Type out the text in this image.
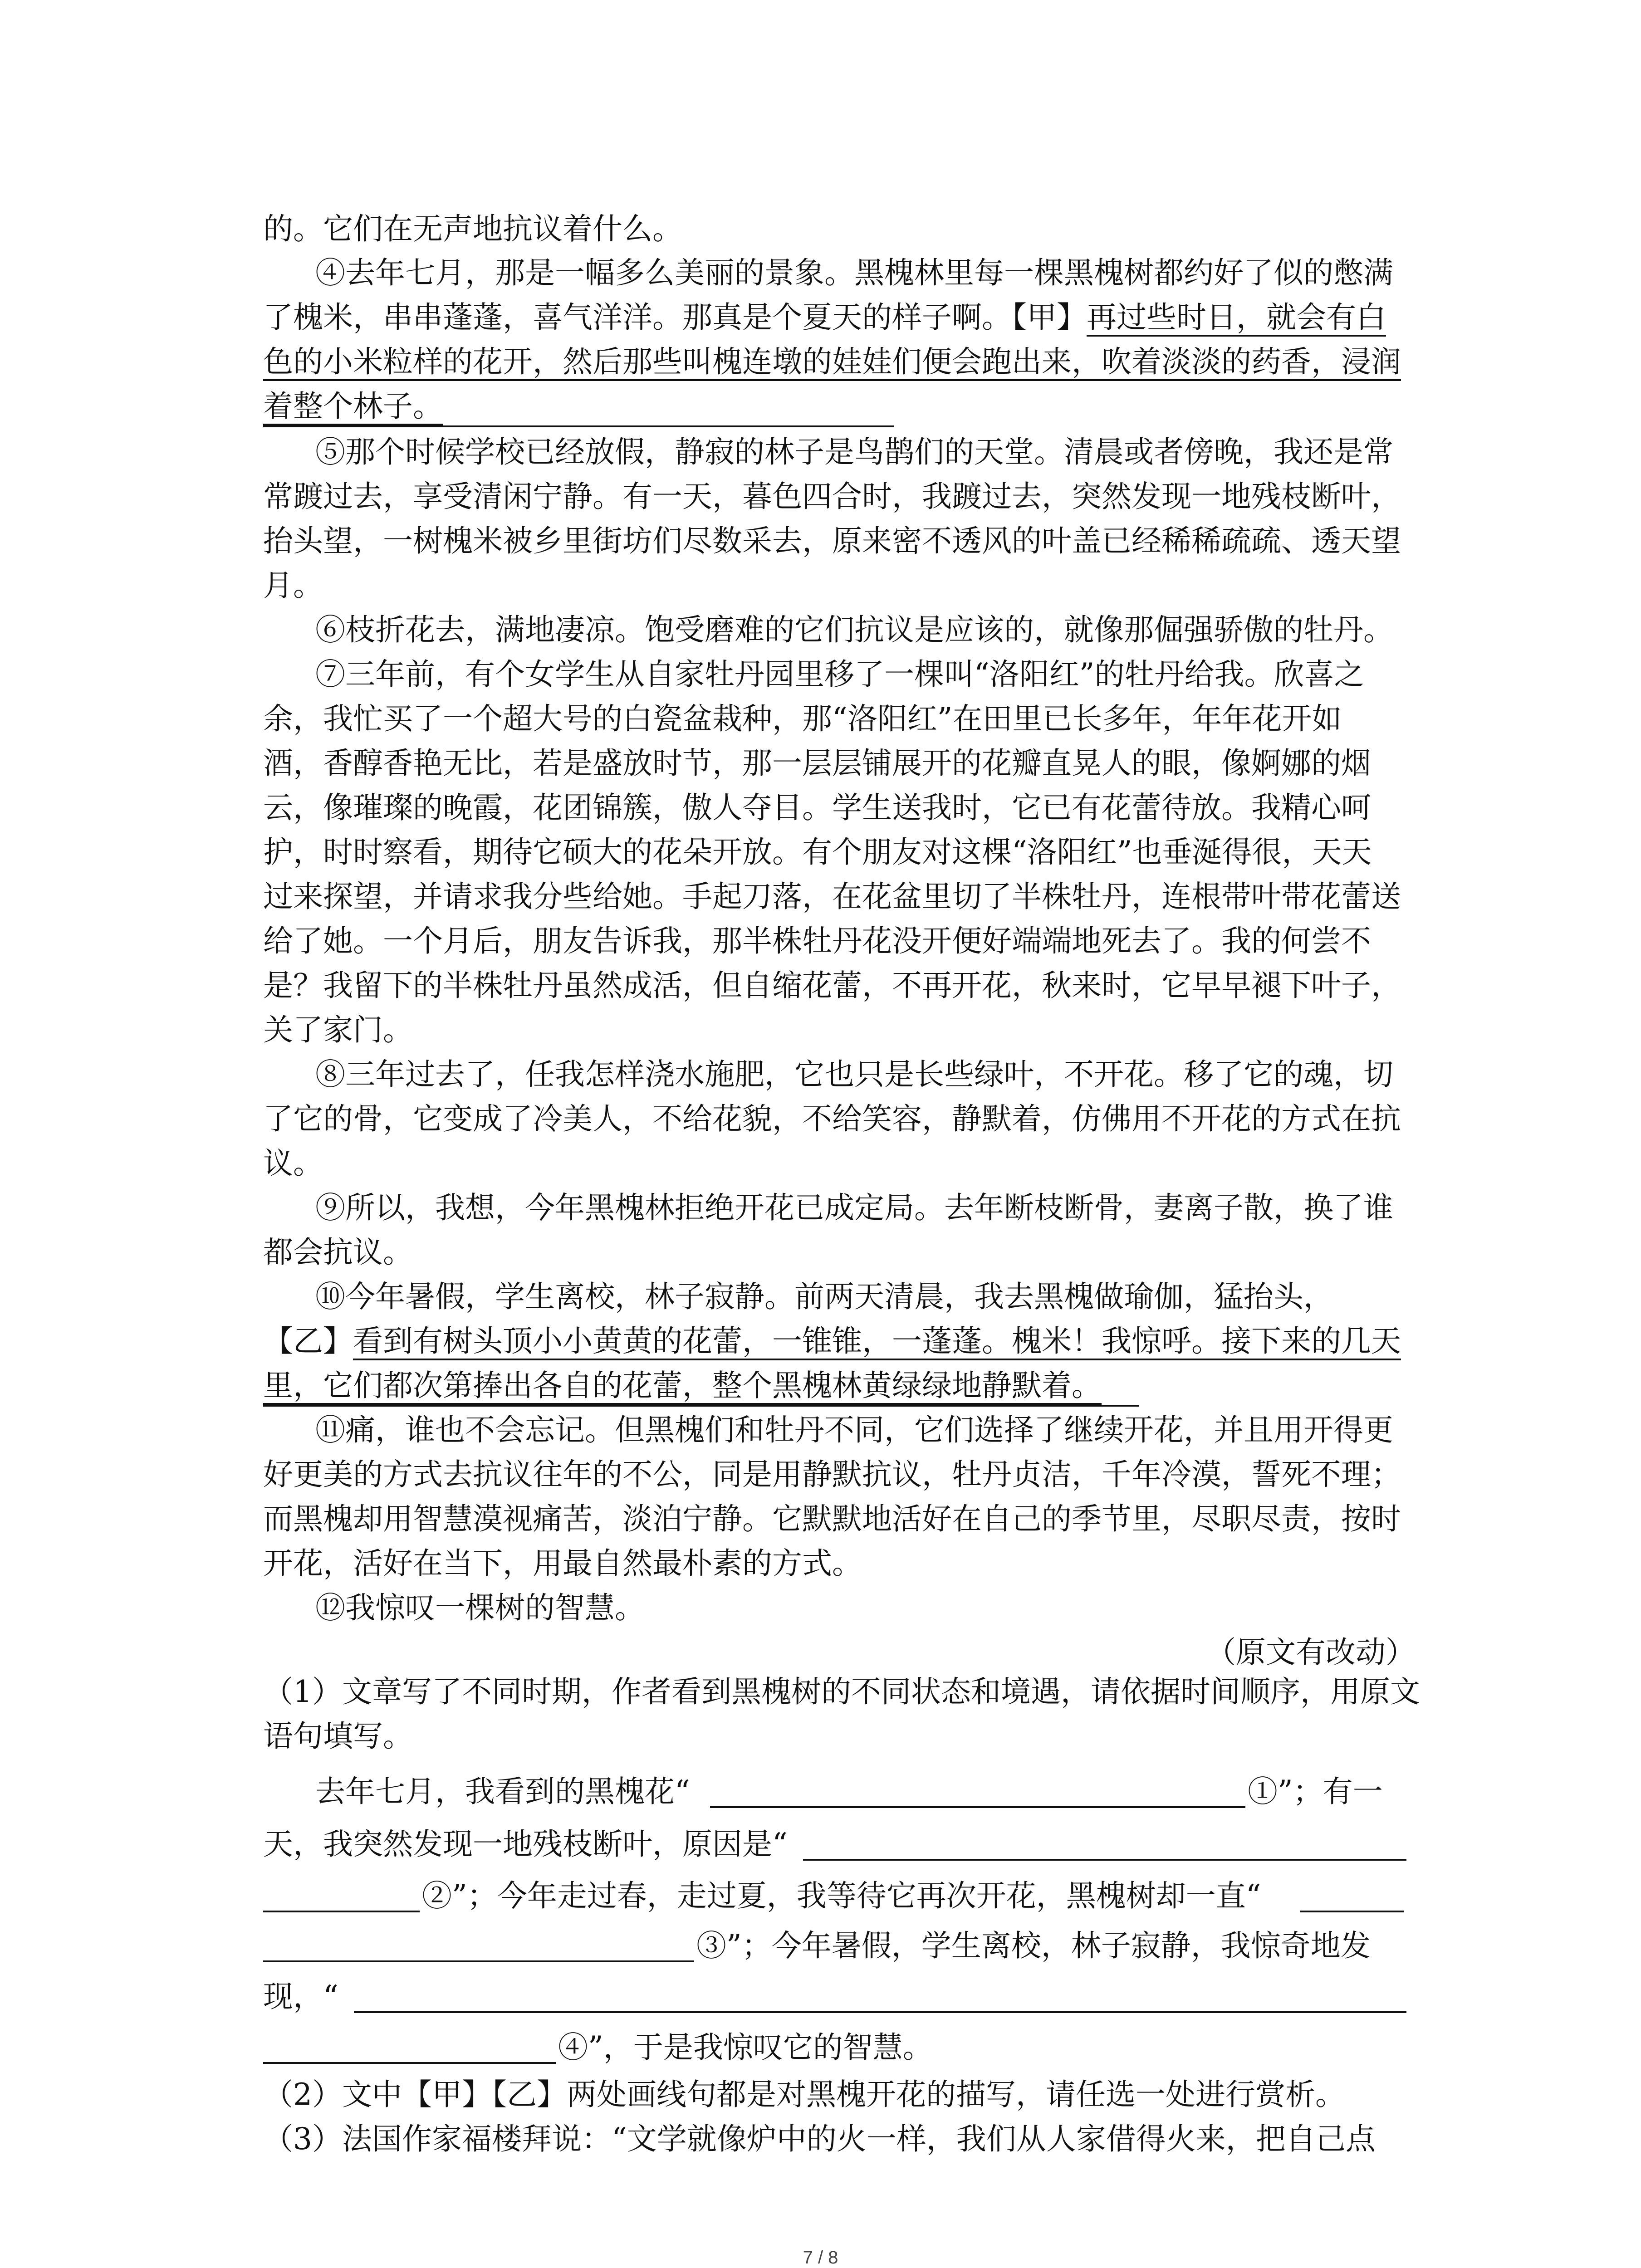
的。它们在无声地抗议着什么。
④去年七月，那是一幅多么美丽的景象。黑槐林里每一棵黑槐树都约好了似的憋满
了槐米，串串蓬蓬，喜气洋洋。那真是个夏天的样子啊。【甲】再过些时日，就会有白
色的小米粒样的花开，然后那些叫槐连墩的娃娃们便会跑出来，吹着淡淡的药香，浸润
着整个林子。
⑤那个时候学校已经放假，静寂的林子是鸟鹊们的天堂。清晨或者傍晚，我还是常
常踱过去，享受清闲宁静。有一天，暮色四合时，我踱过去，突然发现一地残枝断叶，
抬头望，一树槐米被乡里街坊们尽数采去，原来密不透风的叶盖已经稀稀疏疏、透天望
月。
⑥枝折花去，满地凄凉。饱受磨难的它们抗议是应该的，就像那倔强骄傲的牡丹。
⑦三年前，有个女学生从自家牡丹园里移了一棵叫“洛阳红”的牡丹给我。欣喜之
余，我忙买了一个超大号的白瓷盆栽种，那“洛阳红”在田里已长多年，年年花开如
酒，香醇香艳无比，若是盛放时节，那一层层铺展开的花瓣直晃人的眼，像婀娜的烟
云，像璀璨的晚霞，花团锦簇，傲人夺目。学生送我时，它已有花蕾待放。我精心呵
护，时时察看，期待它硕大的花朵开放。有个朋友对这棵“洛阳红”也垂涎得很，天天
过来探望，并请求我分些给她。手起刀落，在花盆里切了半株牡丹，连根带叶带花蕾送
给了她。一个月后，朋友告诉我，那半株牡丹花没开便好端端地死去了。我的何尝不
是？我留下的半株牡丹虽然成活，但自缩花蕾，不再开花，秋来时，它早早褪下叶子，
关了家门。
⑧三年过去了，任我怎样浇水施肥，它也只是长些绿叶，不开花。移了它的魂，切
了它的骨，它变成了冷美人，不给花貌，不给笑容，静默着，仿佛用不开花的方式在抗
议。
⑨所以，我想，今年黑槐林拒绝开花已成定局。去年断枝断骨，妻离子散，换了谁
都会抗议。
⑩今年暑假，学生离校，林子寂静。前两天清晨，我去黑槐做瑜伽，猛抬头，
【乙】看到有树头顶小小黄黄的花蕾，一锥锥，一蓬蓬。槐米！我惊呼。接下来的几天
里，它们都次第捧出各自的花蕾，整个黑槐林黄绿绿地静默着。
⑪痛，谁也不会忘记。但黑槐们和牡丹不同，它们选择了继续开花，并且用开得更
好更美的方式去抗议往年的不公，同是用静默抗议，牡丹贞洁，千年冷漠，誓死不理；
而黑槐却用智慧漠视痛苦，淡泊宁静。它默默地活好在自己的季节里，尽职尽责，按时
开花，活好在当下，用最自然最朴素的方式。
⑫我惊叹一棵树的智慧。
（原文有改动）
（1）文章写了不同时期，作者看到黑槐树的不同状态和境遇，请依据时间顺序，用原文
语句填写。
去年七月，我看到的黑槐花“	①”；有一
天，我突然发现一地残枝断叶，原因是“
②”；今年走过春，走过夏，我等待它再次开花，黑槐树却一直“
③”；今年暑假，学生离校，林子寂静，我惊奇地发
现，“
④”，于是我惊叹它的智慧。
（2）文中【甲】【乙】两处画线句都是对黑槐开花的描写，请任选一处进行赏析。
（3）法国作家福楼拜说：“文学就像炉中的火一样，我们从人家借得火来，把自己点
7 / 8
